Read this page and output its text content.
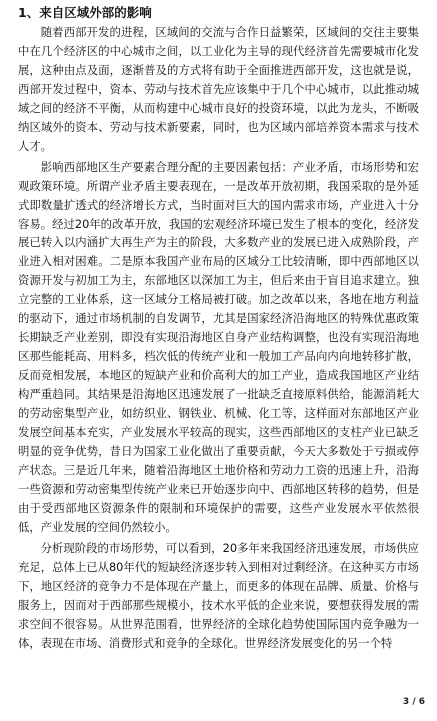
1、来自区域外部的影响

随着西部开发的进程，区域间的交流与合作日益繁荣，区域间的交往主要集中在几个经济区的中心城市之间，以工业化为主导的现代经济首先需要城市化发展，这种由点及面，逐渐普及的方式将有助于全面推进西部开发，这也就是说，西部开发过程中，资本、劳动与技术首先应该集中于几个中心城市，以此推动城域之间的经济不平衡，从而构建中心城市良好的投资环境，以此为龙头，不断吸纳区域外的资本、劳动与技术新要素，同时，也为区域内部培养资本需求与技术人才。

影响西部地区生产要素合理分配的主要因素包括：产业矛盾，市场形势和宏观政策环境。所谓产业矛盾主要表现在，一是改革开放初期，我国采取的是外延式即数量扩透式的经济增长方式，当时面对巨大的国内需求市场，产业进入十分容易。经过20年的改革开放，我国的宏观经济环境已发生了根本的变化，经济发展已转入以内涵扩大再生产为主的阶段，大多数产业的发展已进入成熟阶段，产业进入相对困难。二是原本我国产业布局的区域分工比较清晰，即中西部地区以资源开发与初加工为主，东部地区以深加工为主，但后来由于盲目追求建立。独立完整的工业体系，这一区域分工格局被打破。加之改革以来，各地在地方利益的驱动下，通过市场机制的自发调节，尤其是国家经济沿海地区的特殊优惠政策长期缺乏产业差别，即没有实现沿海地区自身产业结构调整，也没有实现沿海地区那些能耗高、用料多，档次低的传统产业和一般加工产品向内向地转移扩散，反而竞相发展，本地区的短缺产业和价高利大的加工产业，造成我国地区产业结构严重趋同。其结果是沿海地区迅速发展了一批缺乏直接原料供给，能源消耗大的劳动密集型产业，如纺织业、钢铁业、机械、化工等，这样面对东部地区产业发展空间基本充实，产业发展水平较高的现实，这些西部地区的支柱产业已缺乏明显的竞争优势，昔日为国家工业化做出了重要贡献，今天大多数处于亏损或停产状态。三是近几年来，随着沿海地区土地价格和劳动力工资的迅速上升，沿海一些资源和劳动密集型传统产业来已开始逐步向中、西部地区转移的趋势，但是由于受西部地区资源条件的限制和环境保护的需要，这些产业发展水平依然很低，产业发展的空间仍然较小。

分析现阶段的市场形势，可以看到，20多年来我国经济迅速发展，市场供应充足，总体上已从80年代的短缺经济逐步转入到相对过剩经济。在这种买方市场下，地区经济的竞争力不是体现在产量上，而更多的体现在品牌、质量、价格与服务上，因而对于西部那些规模小，技术水平低的企业来说，要想获得发展的需求空间不很容易。从世界范围看，世界经济的全球化趋势使国际国内竞争融为一体，表现在市场、消费形式和竞争的全球化。世界经济发展变化的另一个特

3 / 6
